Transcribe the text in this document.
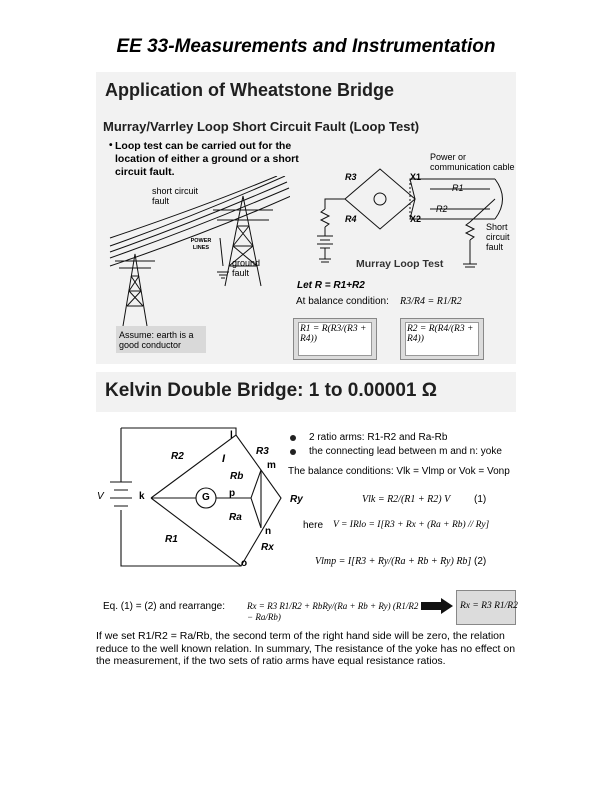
EE 33-Measurements and Instrumentation
Application of Wheatstone Bridge
Murray/Varrley Loop Short Circuit Fault (Loop Test)
• Loop test can be carried out for the location of either a ground or a short circuit fault.
short circuit fault
POWER LINES
ground fault
Assume: earth is a good conductor
Power or communication cable
Short circuit fault
R3
R4
X1
X2
R1
R2
Murray Loop Test
Let R = R1+R2
At balance condition: R3/R4 = R1/R2
R1 = R(R3/(R3 + R4))
R2 = R(R4/(R3 + R4))
Kelvin Double Bridge: 1 to 0.00001 Ω
l
R2	R3
I
m
Rb
V	k	G p
Ry
Ra
R1
n
Rx
o
2 ratio arms: R1-R2 and Ra-Rb
the connecting lead between m and n: yoke
The balance conditions: Vlk = Vlmp or Vok = Vonp
Vlk = R2/(R1 + R2) V (1)
here V = IRlo = I[R3 + Rx + (Ra + Rb) // Ry]
Vlmp = I[R3 + Ry/(Ra + Rb + Ry) Rb] (2)
Eq. (1) = (2) and rearrange: Rx = R3 R1/R2 + RbRy/(Ra + Rb + Ry) (R1/R2 − Ra/Rb)
Rx = R3 R1/R2
If we set R1/R2 = Ra/Rb, the second term of the right hand side will be zero, the relation reduce to the well known relation. In summary, The resistance of the yoke has no effect on the measurement, if the two sets of ratio arms have equal resistance ratios.
